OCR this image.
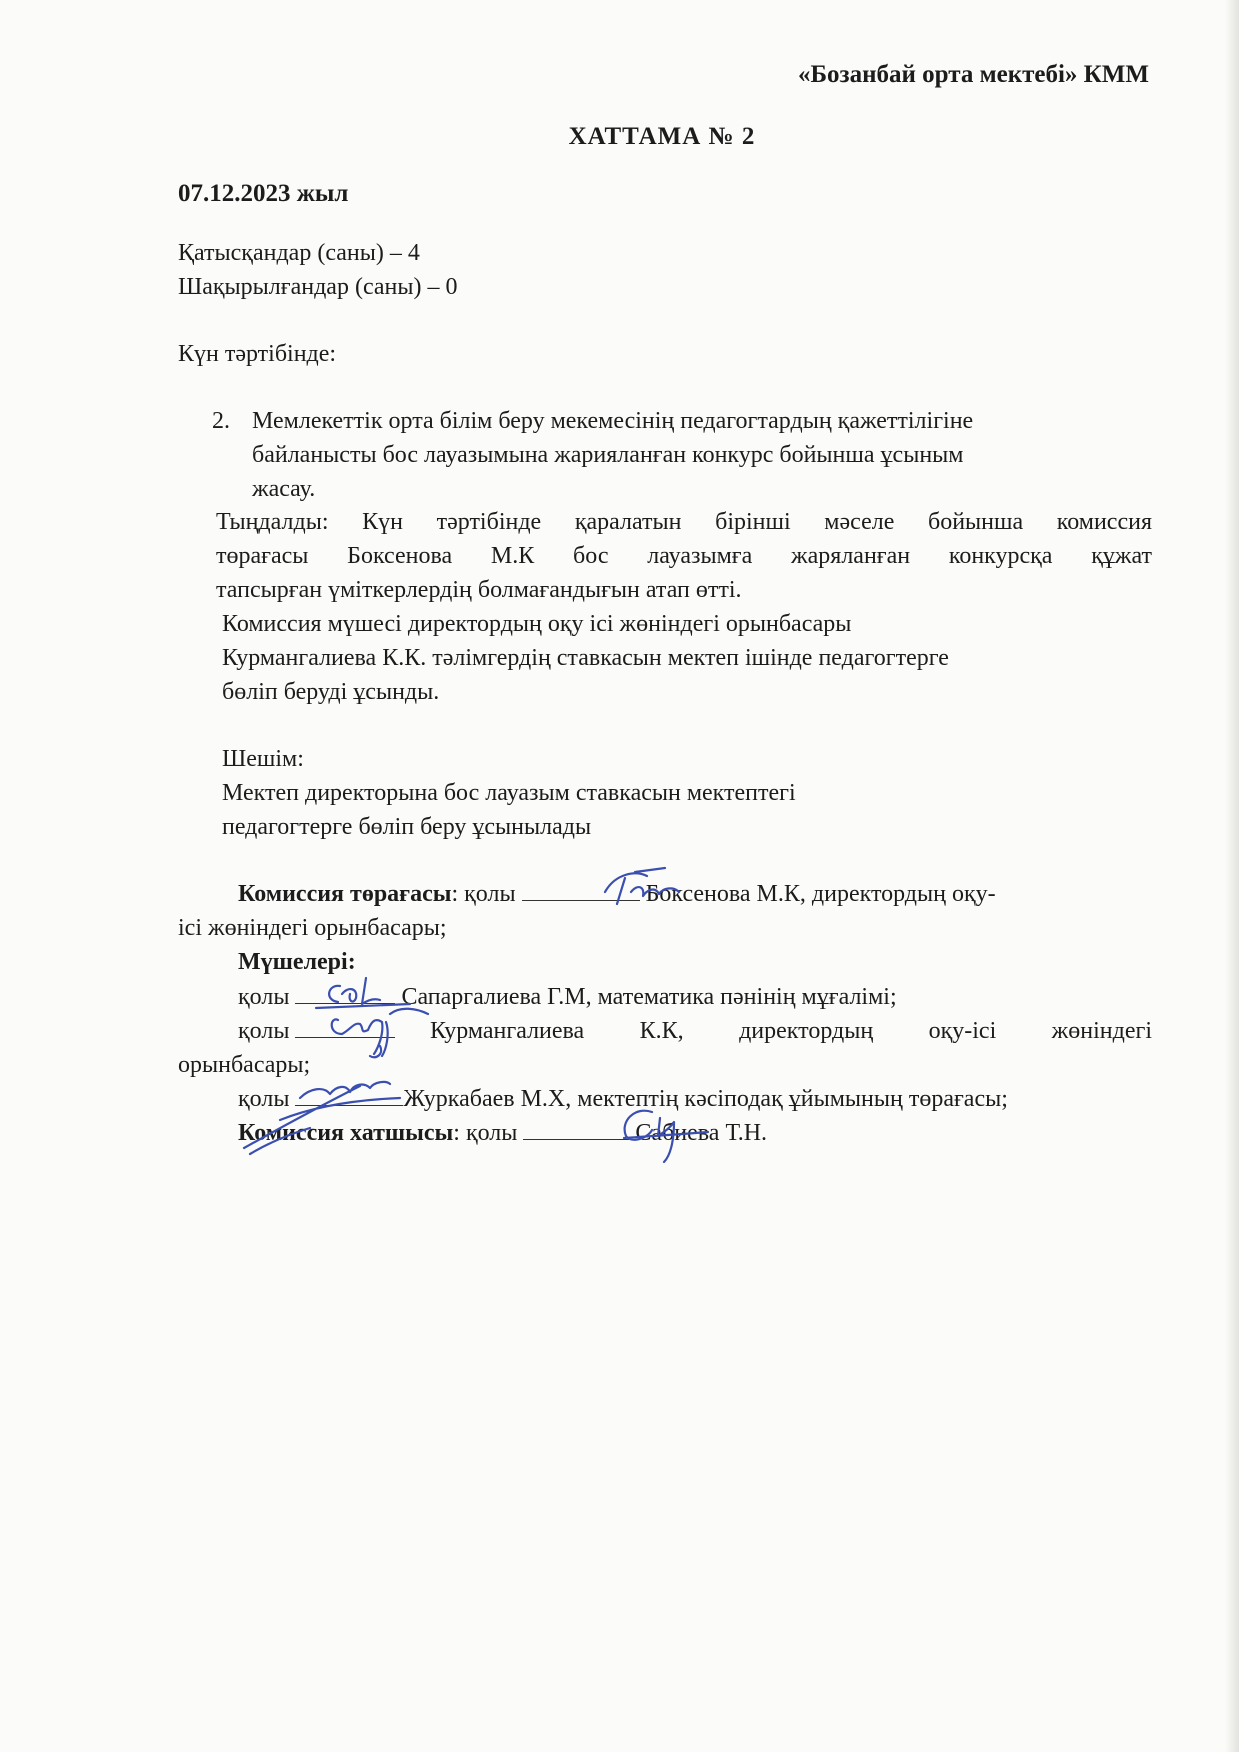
«Бозанбай орта мектебі» КММ
ХАТТАМА № 2
07.12.2023 жыл
Қатысқандар (саны) – 4
Шақырылғандар (саны) – 0
Күн тәртібінде:
2. Мемлекеттік орта білім беру мекемесінің педагогтардың қажеттілігіне
байланысты бос лауазымына жарияланған конкурс бойынша ұсыным
жасау.
Тыңдалды: Күн тәртібінде қаралатын бірінші мәселе бойынша комиссия
төрағасы Боксенова М.К бос лауазымға жаряланған конкурсқа құжат
тапсырған үміткерлердің болмағандығын атап өтті.
Комиссия мүшесі директордың оқу ісі жөніндегі орынбасары
Курмангалиева К.К. тәлімгердің ставкасын мектеп ішінде педагогтерге
бөліп беруді ұсынды.
Шешім:
Мектеп директорына бос лауазым ставкасын мектептегі
педагогтерге бөліп беру ұсынылады
Комиссия төрағасы: қолы	Боксенова М.К, директордың оқу-
ісі жөніндегі орынбасары;
Мүшелері:
қолы	Сапаргалиева Г.М, математика пәнінің мұғалімі;
қолы	Курмангалиева К.К, директордың оқу-ісі жөніндегі
орынбасары;
қолы	Журкабаев М.Х, мектептің кәсіподақ ұйымының төрағасы;
Комиссия хатшысы: қолы	Сабиева Т.Н.
